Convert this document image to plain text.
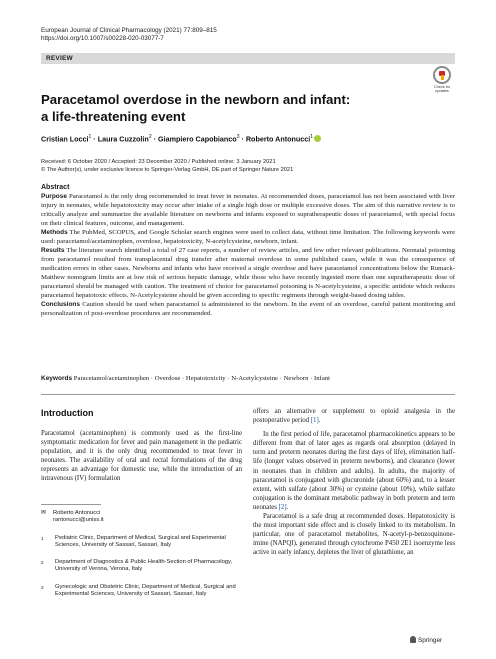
European Journal of Clinical Pharmacology (2021) 77:809–815
https://doi.org/10.1007/s00228-020-03077-7
REVIEW
Check for
updates
Paracetamol overdose in the newborn and infant:
a life-threatening event
Cristian Locci$^1$ · Laura Cuzzolin$^2$ · Giampiero Capobianco$^3$ · Roberto Antonucci$^1$
Received: 6 October 2020 / Accepted: 23 December 2020 / Published online: 3 January 2021
© The Author(s), under exclusive licence to Springer-Verlag GmbH, DE part of Springer Nature 2021
Abstract

Purpose Paracetamol is the only drug recommended to treat fever in neonates. At recommended doses, paracetamol has not been associated with liver injury in neonates, while hepatotoxicity may occur after intake of a single high dose or multiple excessive doses. The aim of this narrative review is to critically analyze and summarize the available literature on newborns and infants exposed to supratherapeutic doses of paracetamol, with special focus on their clinical features, outcome, and management.

Methods The PubMed, SCOPUS, and Google Scholar search engines were used to collect data, without time limitation. The following keywords were used: paracetamol/acetaminophen, overdose, hepatotoxicity, N-acetylcysteine, newborn, infant.

Results The literature search identified a total of 27 case reports, a number of review articles, and few other relevant publications. Neonatal poisoning from paracetamol resulted from transplacental drug transfer after maternal overdose in some published cases, while it was the consequence of medication errors in other cases. Newborns and infants who have received a single overdose and have paracetamol concentrations below the Rumack-Matthew nomogram limits are at low risk of serious hepatic damage, while those who have recently ingested more than one supratherapeutic dose of paracetamol should be managed with caution. The treatment of choice for paracetamol poisoning is N-acetylcysteine, a specific antidote which reduces paracetamol hepatotoxic effects. N-Acetylcysteine should be given according to specific regimens through weight-based dosing tables.

Conclusions Caution should be used when paracetamol is administered to the newborn. In the event of an overdose, careful patient monitoring and personalization of post-overdose procedures are recommended.

Keywords Paracetamol/acetaminophen · Overdose · Hepatotoxicity · N-Acetylcysteine · Newborn · Infant
Introduction

Paracetamol (acetaminophen) is commonly used as the first-line symptomatic medication for fever and pain management in the pediatric population, and it is the only drug recommended to treat fever in neonates. The availability of oral and rectal formulations of the drug represents an advantage for domestic use, while the introduction of an intravenous (IV) formulation

offers an alternative or supplement to opioid analgesia in the postoperative period [1].

In the first period of life, paracetamol pharmacokinetics appears to be different from that of later ages as regards oral absorption (delayed in term and preterm neonates during the first days of life), elimination half-life (longer values observed in preterm newborns), and clearance (lower in neonates than in children and adults). In adults, the majority of paracetamol is conjugated with glucuronide (about 60%) and, to a lesser extent, with sulfate (about 30%) or cysteine (about 10%), while sulfate conjugation is the dominant metabolic pathway in both preterm and term neonates [2].

Paracetamol is a safe drug at recommended doses. Hepatotoxicity is the most important side effect and is closely linked to its metabolism. In particular, one of paracetamol metabolites, N-acetyl-p-benzoquinone-imine (NAPQI), generated through cytochrome P450 2E1 isoenzyme less active in early infancy, depletes the liver of glutathione, an

✉ Roberto Antonucci
rantonucci@uniss.it
1	Pediatric Clinic, Department of Medical, Surgical and Experimental Sciences, University of Sassari, Sassari, Italy
2	Department of Diagnostics & Public Health-Section of Pharmacology, University of Verona, Verona, Italy
3	Gynecologic and Obstetric Clinic, Department of Medical, Surgical and Experimental Sciences, University of Sassari, Sassari, Italy
Springer
